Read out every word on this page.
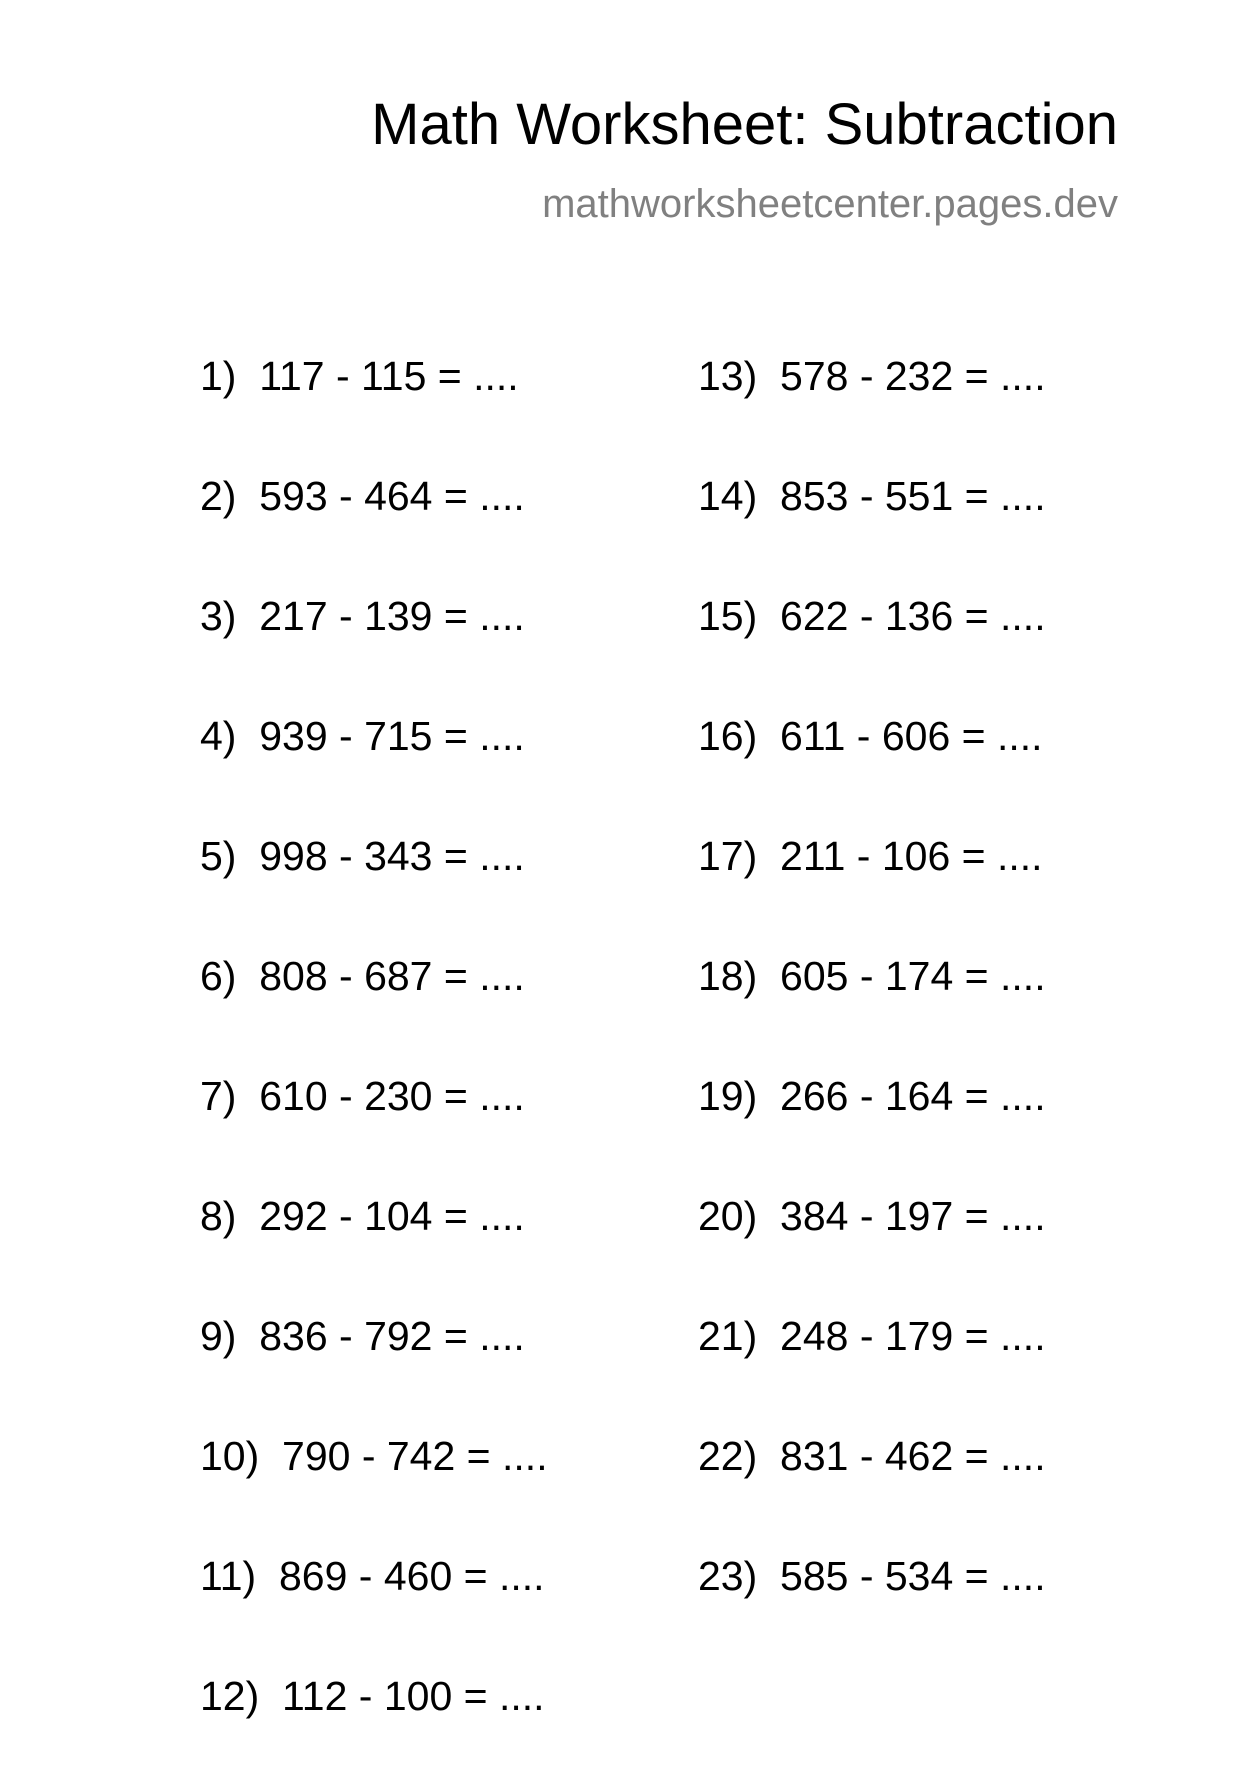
Math Worksheet: Subtraction
mathworksheetcenter.pages.dev
1)  117 - 115 = ....
2)  593 - 464 = ....
3)  217 - 139 = ....
4)  939 - 715 = ....
5)  998 - 343 = ....
6)  808 - 687 = ....
7)  610 - 230 = ....
8)  292 - 104 = ....
9)  836 - 792 = ....
10)  790 - 742 = ....
11)  869 - 460 = ....
12)  112 - 100 = ....
13)  578 - 232 = ....
14)  853 - 551 = ....
15)  622 - 136 = ....
16)  611 - 606 = ....
17)  211 - 106 = ....
18)  605 - 174 = ....
19)  266 - 164 = ....
20)  384 - 197 = ....
21)  248 - 179 = ....
22)  831 - 462 = ....
23)  585 - 534 = ....
